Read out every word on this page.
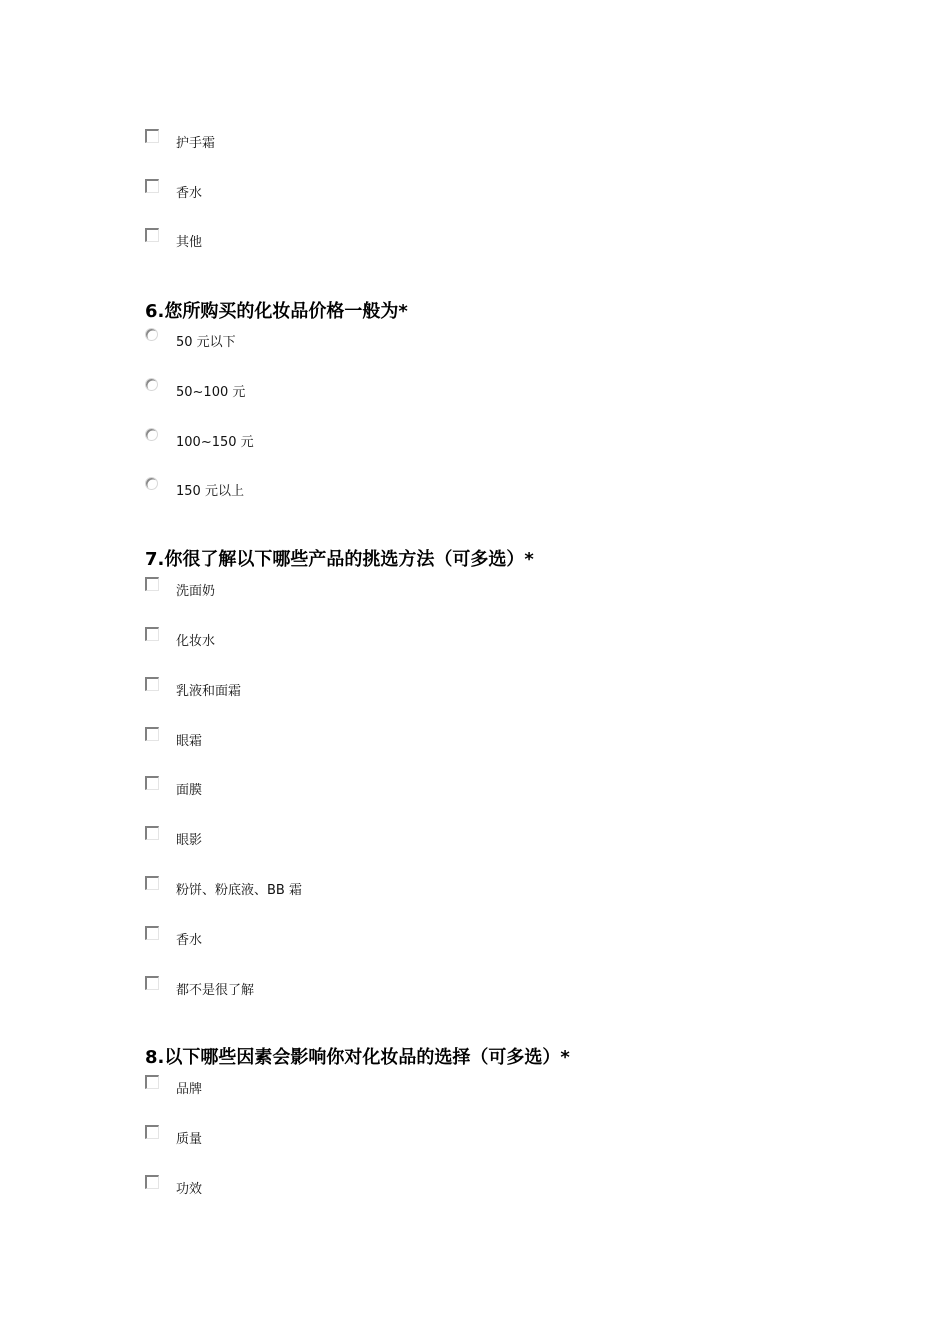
护手霜
香水
其他
6.您所购买的化妆品价格一般为*
50 元以下
50~100 元
100~150 元
150 元以上
7.你很了解以下哪些产品的挑选方法（可多选）*
洗面奶
化妆水
乳液和面霜
眼霜
面膜
眼影
粉饼、粉底液、BB 霜
香水
都不是很了解
8.以下哪些因素会影响你对化妆品的选择（可多选）*
品牌
质量
功效
